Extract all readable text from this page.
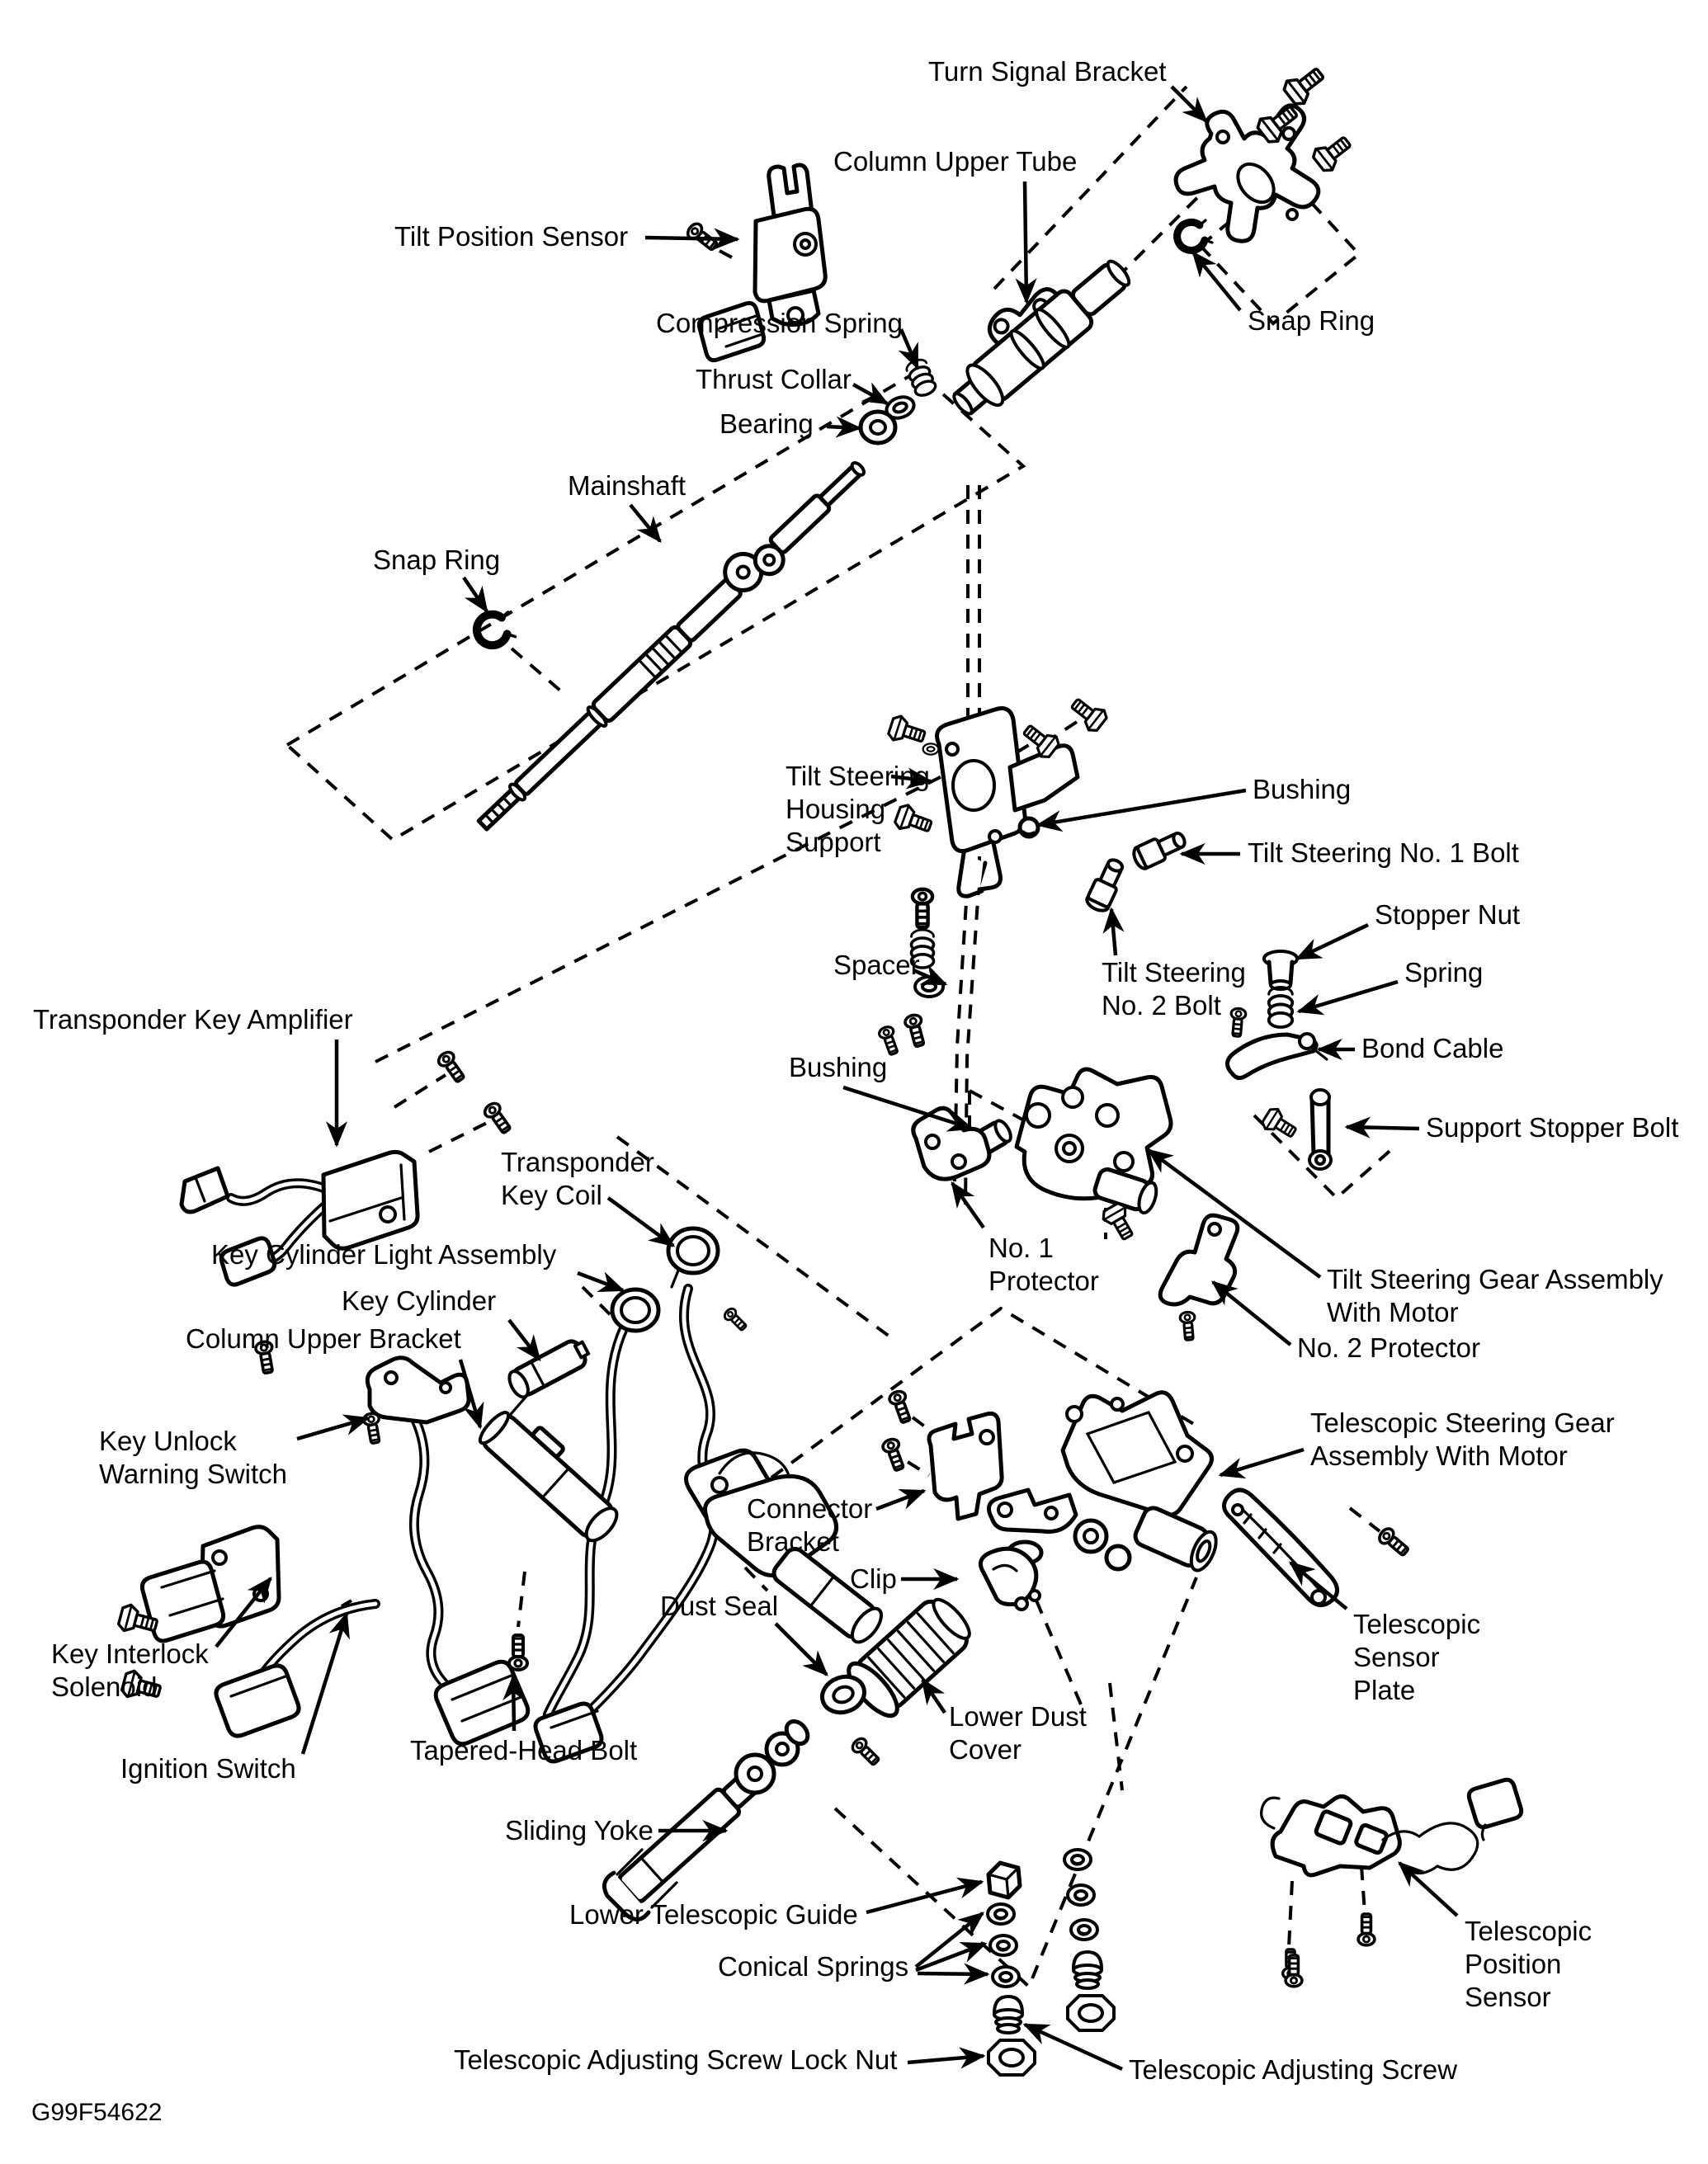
Turn Signal Bracket
Column Upper Tube
Tilt Position Sensor
Snap Ring
Compression Spring
Thrust Collar
Bearing
Mainshaft
Snap Ring
Tilt Steering Housing Support
Bushing
Tilt Steering No. 1 Bolt
Stopper Nut
Spacer	Spring
Tilt Steering No. 2 Bolt
Bond Cable
Transponder Key Amplifier
Bushing
Support Stopper Bolt
Transponder Key Coil
Key Cylinder Light Assembly
Key Cylinder
Column Upper Bracket
No. 1 Protector	Tilt Steering Gear Assembly With Motor
No. 2 Protector
Key Unlock Warning Switch
Telescopic Steering Gear Assembly With Motor
Connector Bracket
Clip
Dust Seal
Telescopic Sensor Plate
Key Interlock Solenoid
Ignition Switch
Tapered-Head Bolt
Lower Dust Cover
Sliding Yoke
Lower Telescopic Guide
Conical Springs
Telescopic Position Sensor
Telescopic Adjusting Screw Lock Nut	Telescopic Adjusting Screw
G99F54622
